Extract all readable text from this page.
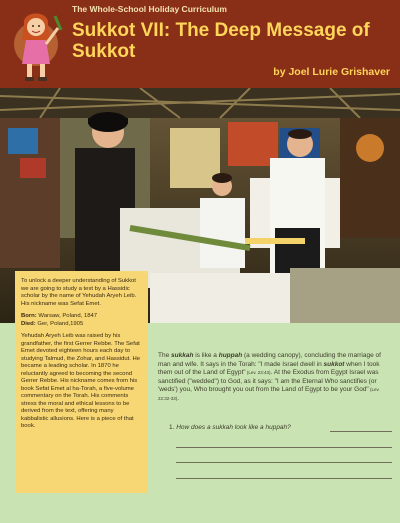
The Whole-School Holiday Curriculum
Sukkot VII: The Deep Message of Sukkot
by Joel Lurie Grishaver

To unlock a deeper understanding of Sukkot we are going to study a text by a Hassidic scholar by the name of Yehudah Aryeh Leib. His nickname was Sefat Emet.

Born: Warsaw, Poland, 1847
Died: Ger, Poland,1905

Yehudah Aryeh Leib was raised by his grandfather, the first Gerrer Rebbe. The Sefat Emet devoted eighteen hours each day to studying Talmud, the Zohar, and Hassidut. He became a leading scholar. In 1870 he reluctantly agreed to becoming the second Gerrer Rebbe. His nickname comes from his book Sefat Emet al ha-Torah, a five-volume commentary on the Torah. His comments stress the moral and ethical lessons to be derived from the text, offering many kabbalistic allusions. Here is a piece of that book.

The sukkah is like a huppah (a wedding canopy), concluding the marriage of man and wife. It says in the Torah: "I made Israel dwell in sukkot when I took them out of the Land of Egypt" (Lev. 23:43). At the Exodus from Egypt Israel was sanctified ("wedded") to God, as it says: "I am the Eternal Who sanctifies (or 'weds') you, Who brought you out from the Land of Egypt to be your God" (Lev. 22:32-33).
1. How does a sukkah look like a huppah?
